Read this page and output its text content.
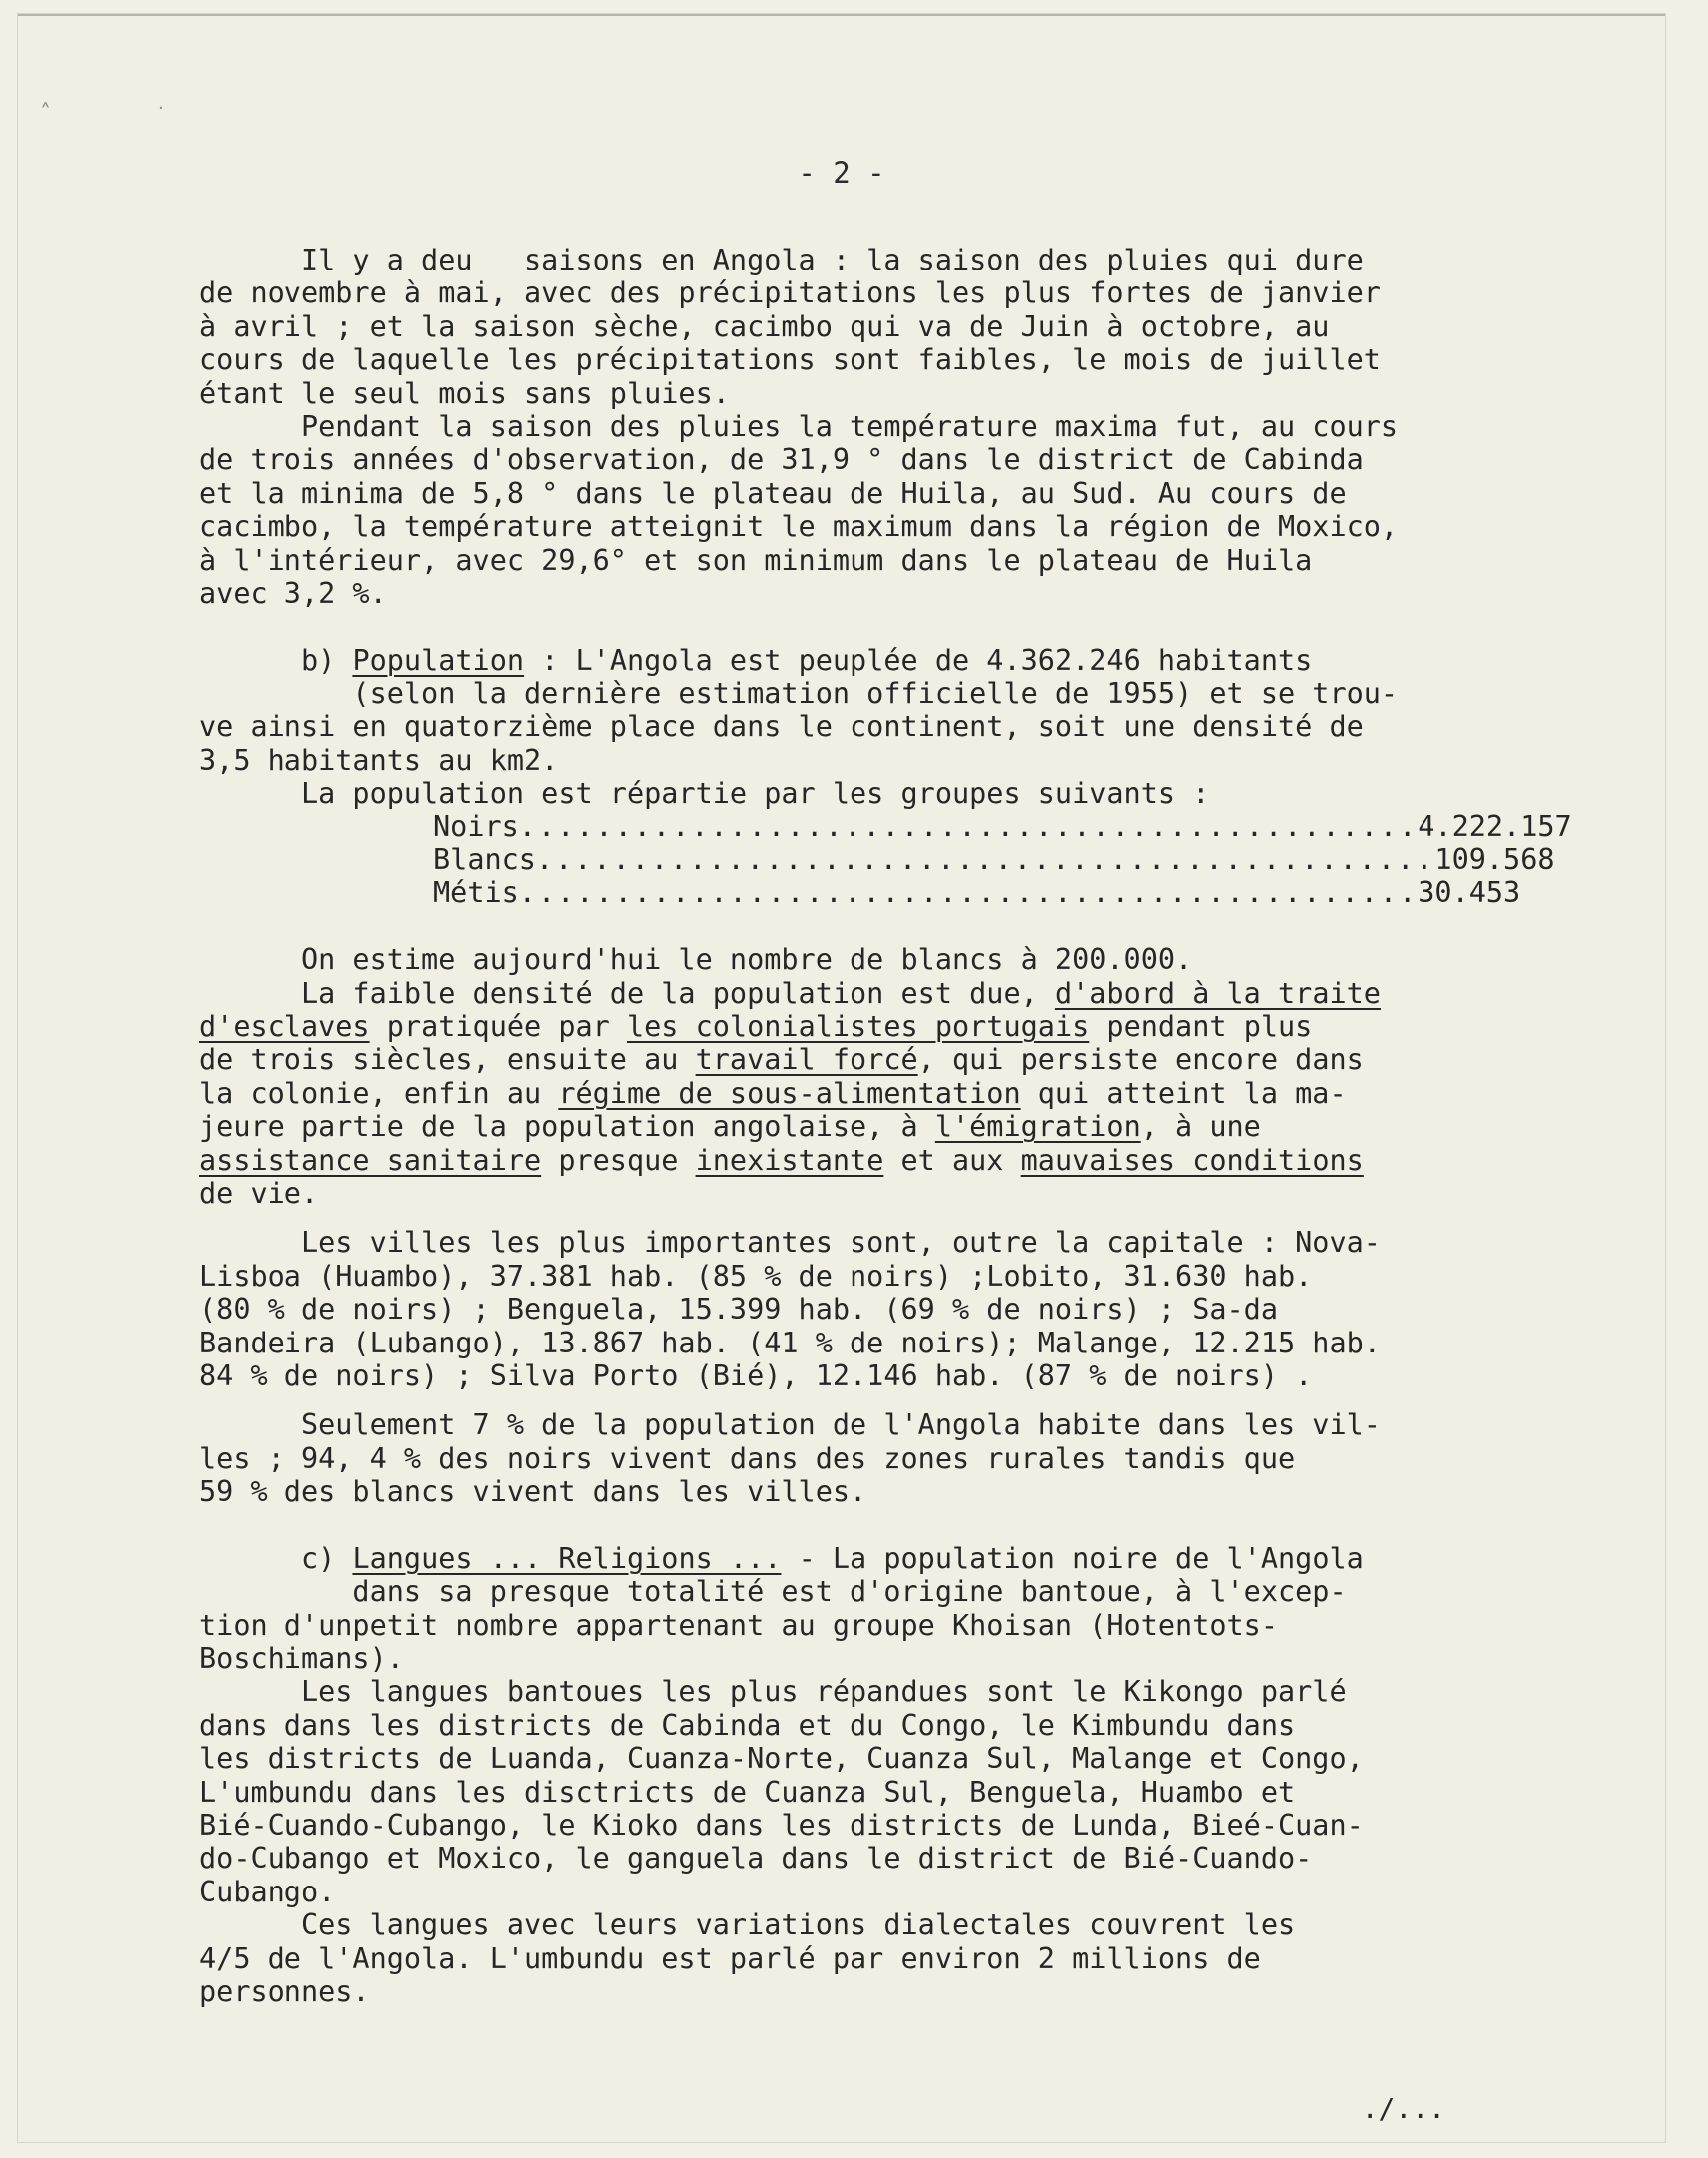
˄	·
- 2 -
Il y a deu   saisons en Angola : la saison des pluies qui dure
de novembre à mai, avec des précipitations les plus fortes de janvier
à avril ; et la saison sèche, cacimbo qui va de Juin à octobre, au
cours de laquelle les précipitations sont faibles, le mois de juillet
étant le seul mois sans pluies.
Pendant la saison des pluies la température maxima fut, au cours
de trois années d'observation, de 31,9 ° dans le district de Cabinda
et la minima de 5,8 ° dans le plateau de Huila, au Sud. Au cours de
cacimbo, la température atteignit le maximum dans la région de Moxico,
à l'intérieur, avec 29,6° et son minimum dans le plateau de Huila
avec 3,2 %.
b) Population : L'Angola est peuplée de 4.362.246 habitants
(selon la dernière estimation officielle de 1955) et se trou-
ve ainsi en quatorzième place dans le continent, soit une densité de
3,5 habitants au km2.
La population est répartie par les groupes suivants :
Noirs ............................................... 4.222.157
Blancs ............................................... 109.568
Métis ............................................... 30.453
On estime aujourd'hui le nombre de blancs à 200.000.
La faible densité de la population est due, d'abord à la traite
d'esclaves pratiquée par les colonialistes portugais pendant plus
de trois siècles, ensuite au travail forcé, qui persiste encore dans
la colonie, enfin au régime de sous-alimentation qui atteint la ma-
jeure partie de la population angolaise, à l'émigration, à une
assistance sanitaire presque inexistante et aux mauvaises conditions
de vie.
Les villes les plus importantes sont, outre la capitale : Nova-
Lisboa (Huambo), 37.381 hab. (85 % de noirs) ;Lobito, 31.630 hab.
(80 % de noirs) ; Benguela, 15.399 hab. (69 % de noirs) ; Sa-da
Bandeira (Lubango), 13.867 hab. (41 % de noirs); Malange, 12.215 hab.
84 % de noirs) ; Silva Porto (Bié), 12.146 hab. (87 % de noirs) .
Seulement 7 % de la population de l'Angola habite dans les vil-
les ; 94, 4 % des noirs vivent dans des zones rurales tandis que
59 % des blancs vivent dans les villes.
c) Langues ... Religions ... - La population noire de l'Angola
dans sa presque totalité est d'origine bantoue, à l'excep-
tion d'unpetit nombre appartenant au groupe Khoisan (Hotentots-
Boschimans).
Les langues bantoues les plus répandues sont le Kikongo parlé
dans dans les districts de Cabinda et du Congo, le Kimbundu dans
les districts de Luanda, Cuanza-Norte, Cuanza Sul, Malange et Congo,
L'umbundu dans les disctricts de Cuanza Sul, Benguela, Huambo et
Bié-Cuando-Cubango, le Kioko dans les districts de Lunda, Bieé-Cuan-
do-Cubango et Moxico, le ganguela dans le district de Bié-Cuando-
Cubango.
Ces langues avec leurs variations dialectales couvrent les
4/5 de l'Angola. L'umbundu est parlé par environ 2 millions de
personnes.
./...
